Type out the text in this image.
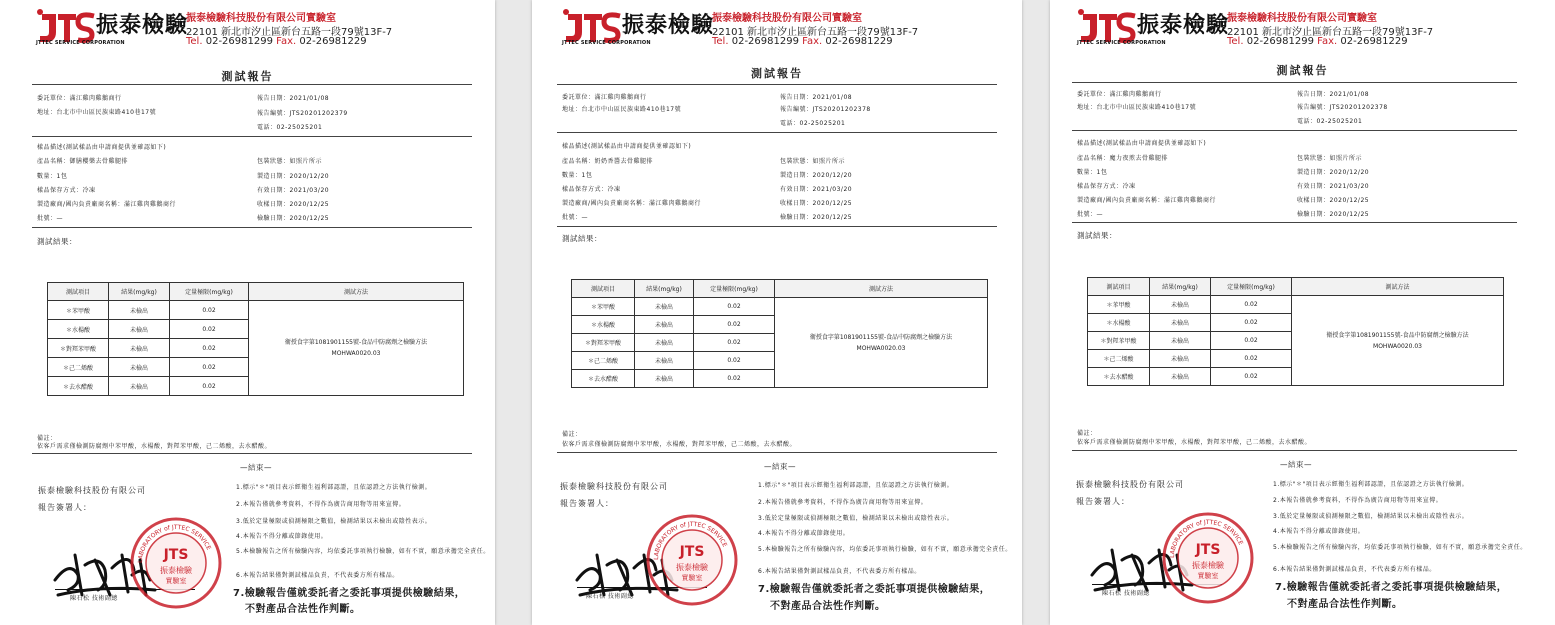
JTTEC SERVICE CORPORATION
振泰檢驗
振泰檢驗科技股份有限公司實驗室
22101 新北市汐止區新台五路一段79號13F-7
Tel. 02-26981299 Fax. 02-26981229
測試報告
委託單位：滿江雞肉雞鵝商行
地址：台北市中山區民族東路410巷17號
報告日期：2021/01/08
報告編號：JTS20201202379
電話：02-25025201
樣品描述(測試樣品由申請商提供並確認如下)
產品名稱：御膳櫻樂去骨雞腿排
數量：1包
樣品保存方式：冷凍
製造廠商/國內負責廠商名稱：滿江雞肉雞鵝商行
批號：—
包裝狀態：如照片所示
製造日期：2020/12/20
有效日期：2021/03/20
收樣日期：2020/12/25
檢驗日期：2020/12/25
測試結果：
測試項目	結果(mg/kg)	定量極限(mg/kg)	測試方法
＊苯甲酸	未檢出	0.02	衛授食字第1081901155號-食品中防腐劑之檢驗方法
MOHWA0020.03
＊水楊酸	未檢出	0.02	
＊對羥苯甲酸	未檢出	0.02	
＊己二烯酸	未檢出	0.02	
＊去水醋酸	未檢出	0.02	
備註：
依客戶需求僅檢測防腐劑中苯甲酸，水楊酸，對羥苯甲酸，己二烯酸，去水醋酸。
—結束—
振泰檢驗科技股份有限公司
報告簽署人：
1.標示"＊"項目表示經衛生福利部認證，且依認證之方法執行檢測。
2.本報告僅就參考資料，不得作為廣告商用物等用來宣傳。
3.低於定量極限或偵測極限之數值，檢測結果以未檢出或陰性表示。
4.本報告不得分離或節錄使用。
5.本檢驗報告之所有檢驗內容，均依委託事項執行檢驗，如有不實，願意承擔完全責任。
6.本報告結果僅對測試樣品負責，不代表委方所有樣品。
7.檢驗報告僅就委託者之委託事項提供檢驗結果，
不對產品合法性作判斷。
陳石松 技術副總
JTS
振泰檢驗
實驗室
LABORATORY of JTTEC SERVICE
JTTEC SERVICE CORPORATION
振泰檢驗
振泰檢驗科技股份有限公司實驗室
22101 新北市汐止區新台五路一段79號13F-7
Tel. 02-26981299 Fax. 02-26981229
測試報告
委託單位：滿江雞肉雞鵝商行
地址：台北市中山區民族東路410巷17號
報告日期：2021/01/08
報告編號：JTS20201202378
電話：02-25025201
樣品描述(測試樣品由申請商提供並確認如下)
產品名稱：奶奶香醬去骨雞腿排
數量：1包
樣品保存方式：冷凍
製造廠商/國內負責廠商名稱：滿江雞肉雞鵝商行
批號：—
包裝狀態：如照片所示
製造日期：2020/12/20
有效日期：2021/03/20
收樣日期：2020/12/25
檢驗日期：2020/12/25
測試結果：
測試項目	結果(mg/kg)	定量極限(mg/kg)	測試方法
＊苯甲酸	未檢出	0.02	衛授食字第1081901155號-食品中防腐劑之檢驗方法
MOHWA0020.03
＊水楊酸	未檢出	0.02	
＊對羥苯甲酸	未檢出	0.02	
＊己二烯酸	未檢出	0.02	
＊去水醋酸	未檢出	0.02	
備註：
依客戶需求僅檢測防腐劑中苯甲酸，水楊酸，對羥苯甲酸，己二烯酸，去水醋酸。
—結束—
振泰檢驗科技股份有限公司
報告簽署人：
1.標示"＊"項目表示經衛生福利部認證，且依認證之方法執行檢測。
2.本報告僅就參考資料，不得作為廣告商用物等用來宣傳。
3.低於定量極限或偵測極限之數值，檢測結果以未檢出或陰性表示。
4.本報告不得分離或節錄使用。
5.本檢驗報告之所有檢驗內容，均依委託事項執行檢驗，如有不實，願意承擔完全責任。
6.本報告結果僅對測試樣品負責，不代表委方所有樣品。
7.檢驗報告僅就委託者之委託事項提供檢驗結果，
不對產品合法性作判斷。
陳石松 技術副總
JTS
振泰檢驗
實驗室
LABORATORY of JTTEC SERVICE
JTTEC SERVICE CORPORATION
振泰檢驗
振泰檢驗科技股份有限公司實驗室
22101 新北市汐止區新台五路一段79號13F-7
Tel. 02-26981299 Fax. 02-26981229
測試報告
委託單位：滿江雞肉雞鵝商行
地址：台北市中山區民族東路410巷17號
報告日期：2021/01/08
報告編號：JTS20201202378
電話：02-25025201
樣品描述(測試樣品由申請商提供並確認如下)
產品名稱：魔力夜煎去骨雞腿排
數量：1包
樣品保存方式：冷凍
製造廠商/國內負責廠商名稱：滿江雞肉雞鵝商行
批號：—
包裝狀態：如照片所示
製造日期：2020/12/20
有效日期：2021/03/20
收樣日期：2020/12/25
檢驗日期：2020/12/25
測試結果：
測試項目	結果(mg/kg)	定量極限(mg/kg)	測試方法
＊苯甲酸	未檢出	0.02	衛授食字第1081901155號-食品中防腐劑之檢驗方法
MOHWA0020.03
＊水楊酸	未檢出	0.02	
＊對羥苯甲酸	未檢出	0.02	
＊己二烯酸	未檢出	0.02	
＊去水醋酸	未檢出	0.02	
備註：
依客戶需求僅檢測防腐劑中苯甲酸，水楊酸，對羥苯甲酸，己二烯酸，去水醋酸。
—結束—
振泰檢驗科技股份有限公司
報告簽署人：
1.標示"＊"項目表示經衛生福利部認證，且依認證之方法執行檢測。
2.本報告僅就參考資料，不得作為廣告商用物等用來宣傳。
3.低於定量極限或偵測極限之數值，檢測結果以未檢出或陰性表示。
4.本報告不得分離或節錄使用。
5.本檢驗報告之所有檢驗內容，均依委託事項執行檢驗，如有不實，願意承擔完全責任。
6.本報告結果僅對測試樣品負責，不代表委方所有樣品。
7.檢驗報告僅就委託者之委託事項提供檢驗結果，
不對產品合法性作判斷。
陳石松 技術副總
JTS
振泰檢驗
實驗室
LABORATORY of JTTEC SERVICE
